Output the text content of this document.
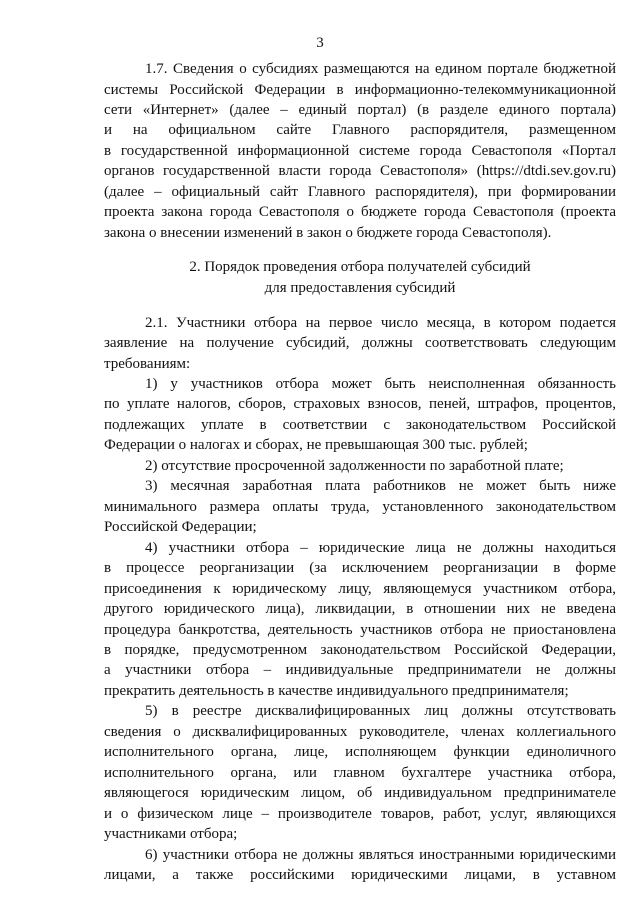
3
1.7. Сведения о субсидиях размещаются на едином портале бюджетной
системы Российской Федерации в информационно-телекоммуникационной
сети «Интернет» (далее – единый портал) (в разделе единого портала)
и на официальном сайте Главного распорядителя, размещенном
в государственной информационной системе города Севастополя «Портал
органов государственной власти города Севастополя» (https://dtdi.sev.gov.ru)
(далее – официальный сайт Главного распорядителя), при формировании
проекта закона города Севастополя о бюджете города Севастополя (проекта
закона о внесении изменений в закон о бюджете города Севастополя).
2. Порядок проведения отбора получателей субсидий
для предоставления субсидий
2.1. Участники отбора на первое число месяца, в котором подается
заявление на получение субсидий, должны соответствовать следующим
требованиям:
1) у участников отбора может быть неисполненная обязанность
по уплате налогов, сборов, страховых взносов, пеней, штрафов, процентов,
подлежащих уплате в соответствии с законодательством Российской
Федерации о налогах и сборах, не превышающая 300 тыс. рублей;
2) отсутствие просроченной задолженности по заработной плате;
3) месячная заработная плата работников не может быть ниже
минимального размера оплаты труда, установленного законодательством
Российской Федерации;
4) участники отбора – юридические лица не должны находиться
в процессе реорганизации (за исключением реорганизации в форме
присоединения к юридическому лицу, являющемуся участником отбора,
другого юридического лица), ликвидации, в отношении них не введена
процедура банкротства, деятельность участников отбора не приостановлена
в порядке, предусмотренном законодательством Российской Федерации,
а участники отбора – индивидуальные предприниматели не должны
прекратить деятельность в качестве индивидуального предпринимателя;
5) в реестре дисквалифицированных лиц должны отсутствовать
сведения о дисквалифицированных руководителе, членах коллегиального
исполнительного органа, лице, исполняющем функции единоличного
исполнительного органа, или главном бухгалтере участника отбора,
являющегося юридическим лицом, об индивидуальном предпринимателе
и о физическом лице – производителе товаров, работ, услуг, являющихся
участниками отбора;
6) участники отбора не должны являться иностранными юридическими
лицами, а также российскими юридическими лицами, в уставном
